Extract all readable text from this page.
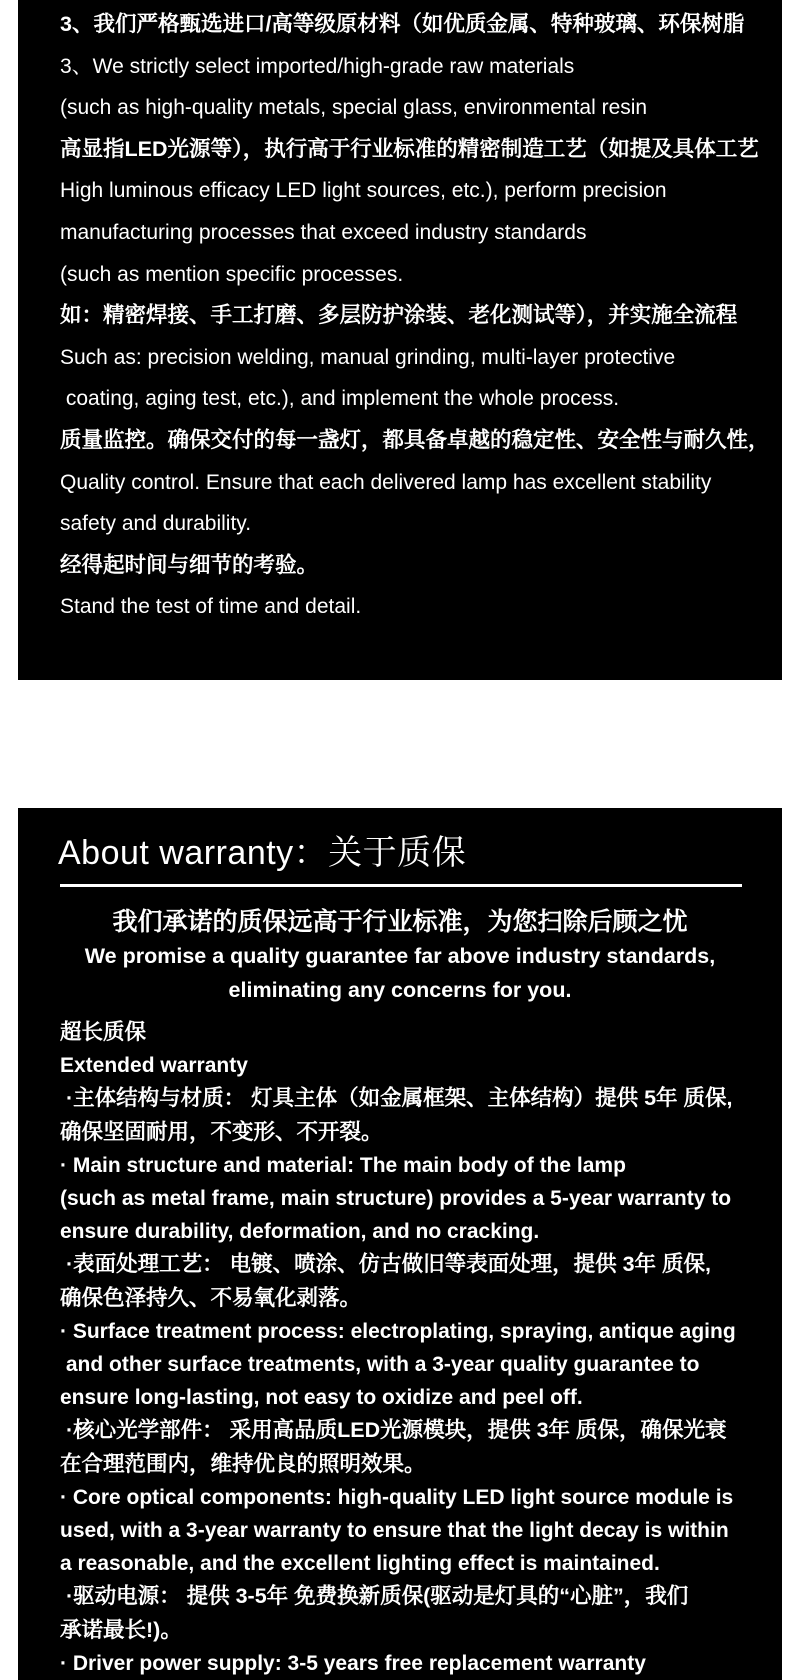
3、我们严格甄选进口/高等级原材料（如优质金属、特种玻璃、环保树脂
3、We strictly select imported/high-grade raw materials
(such as high-quality metals, special glass, environmental resin
高显指LED光源等），执行高于行业标准的精密制造工艺（如提及具体工艺
High luminous efficacy LED light sources, etc.), perform precision
manufacturing processes that exceed industry standards
(such as mention specific processes.
如：精密焊接、手工打磨、多层防护涂装、老化测试等），并实施全流程
Such as: precision welding, manual grinding, multi-layer protective
coating, aging test, etc.), and implement the whole process.
质量监控。确保交付的每一盏灯，都具备卓越的稳定性、安全性与耐久性，
Quality control. Ensure that each delivered lamp has excellent stability
safety and durability.
经得起时间与细节的考验。
Stand the test of time and detail.
About warranty：关于质保
我们承诺的质保远高于行业标准，为您扫除后顾之忧
We promise a quality guarantee far above industry standards,
eliminating any concerns for you.
超长质保
Extended warranty
·主体结构与材质： 灯具主体（如金属框架、主体结构）提供 5年 质保,
确保坚固耐用，不变形、不开裂。
· Main structure and material: The main body of the lamp
(such as metal frame, main structure) provides a 5-year warranty to
ensure durability, deformation, and no cracking.
·表面处理工艺： 电镀、喷涂、仿古做旧等表面处理，提供 3年 质保,
确保色泽持久、不易氧化剥落。
· Surface treatment process: electroplating, spraying, antique aging
and other surface treatments, with a 3-year quality guarantee to
ensure long-lasting, not easy to oxidize and peel off.
·核心光学部件： 采用高品质LED光源模块，提供 3年 质保，确保光衰
在合理范围内，维持优良的照明效果。
· Core optical components: high-quality LED light source module is
used, with a 3-year warranty to ensure that the light decay is within
a reasonable, and the excellent lighting effect is maintained.
·驱动电源： 提供 3-5年 免费换新质保(驱动是灯具的“心脏”，我们
承诺最长!)。
· Driver power supply: 3-5 years free replacement warranty
